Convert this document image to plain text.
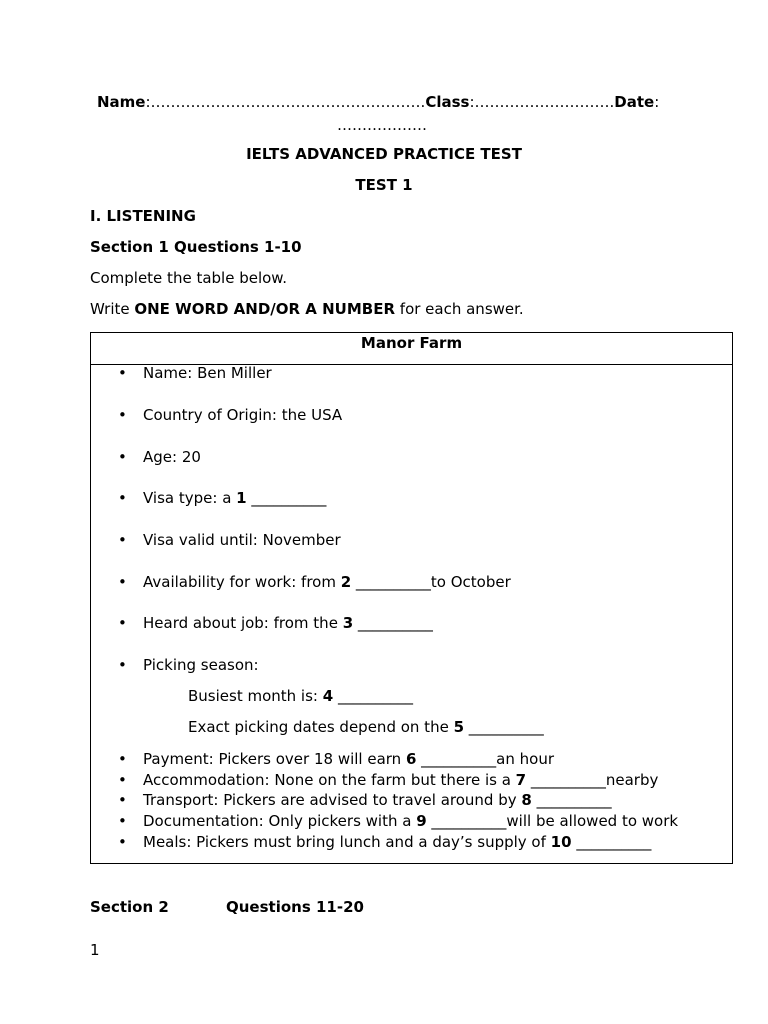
Name:……………………………………………….Class:……………………….Date:
………………
IELTS ADVANCED PRACTICE TEST
TEST 1
I. LISTENING
Section 1 Questions 1-10
Complete the table below.
Write ONE WORD AND/OR A NUMBER for each answer.
Manor Farm
• Name: Ben Miller
• Country of Origin: the USA
• Age: 20
• Visa type: a 1 __________
• Visa valid until: November
• Availability for work: from 2 __________to October
• Heard about job: from the 3 __________
• Picking season:
• Payment: Pickers over 18 will earn 6 __________an hour
• Accommodation: None on the farm but there is a 7 __________nearby
• Transport: Pickers are advised to travel around by 8 __________
• Documentation: Only pickers with a 9 __________will be allowed to work
• Meals: Pickers must bring lunch and a day’s supply of 10 __________
Busiest month is: 4 __________
Exact picking dates depend on the 5 __________
Section 2	Questions 11-20
1
